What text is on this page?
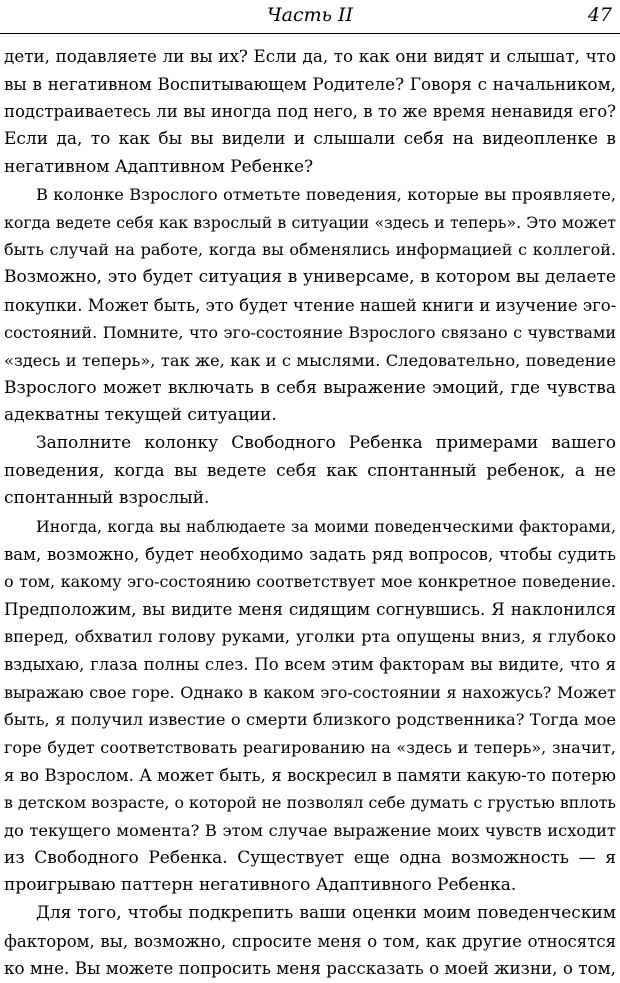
Часть II	47
дети, подавляете ли вы их? Если да, то как они видят и слышат, что
вы в негативном Воспитывающем Родителе? Говоря с начальником,
подстраиваетесь ли вы иногда под него, в то же время ненавидя его?
Если да, то как бы вы видели и слышали себя на видеопленке в
негативном Адаптивном Ребенке?
В колонке Взрослого отметьте поведения, которые вы проявляете,
когда ведете себя как взрослый в ситуации «здесь и теперь». Это может
быть случай на работе, когда вы обменялись информацией с коллегой.
Возможно, это будет ситуация в универсаме, в котором вы делаете
покупки. Может быть, это будет чтение нашей книги и изучение эго-
состояний. Помните, что эго-состояние Взрослого связано с чувствами
«здесь и теперь», так же, как и с мыслями. Следовательно, поведение
Взрослого может включать в себя выражение эмоций, где чувства
адекватны текущей ситуации.
Заполните колонку Свободного Ребенка примерами вашего
поведения, когда вы ведете себя как спонтанный ребенок, а не
спонтанный взрослый.
Иногда, когда вы наблюдаете за моими поведенческими факторами,
вам, возможно, будет необходимо задать ряд вопросов, чтобы судить
о том, какому эго-состоянию соответствует мое конкретное поведение.
Предположим, вы видите меня сидящим согнувшись. Я наклонился
вперед, обхватил голову руками, уголки рта опущены вниз, я глубоко
вздыхаю, глаза полны слез. По всем этим факторам вы видите, что я
выражаю свое горе. Однако в каком эго-состоянии я нахожусь? Может
быть, я получил известие о смерти близкого родственника? Тогда мое
горе будет соответствовать реагированию на «здесь и теперь», значит,
я во Взрослом. А может быть, я воскресил в памяти какую-то потерю
в детском возрасте, о которой не позволял себе думать с грустью вплоть
до текущего момента? В этом случае выражение моих чувств исходит
из Свободного Ребенка. Существует еще одна возможность — я
проигрываю паттерн негативного Адаптивного Ребенка.
Для того, чтобы подкрепить ваши оценки моим поведенческим
фактором, вы, возможно, спросите меня о том, как другие относятся
ко мне. Вы можете попросить меня рассказать о моей жизни, о том,
